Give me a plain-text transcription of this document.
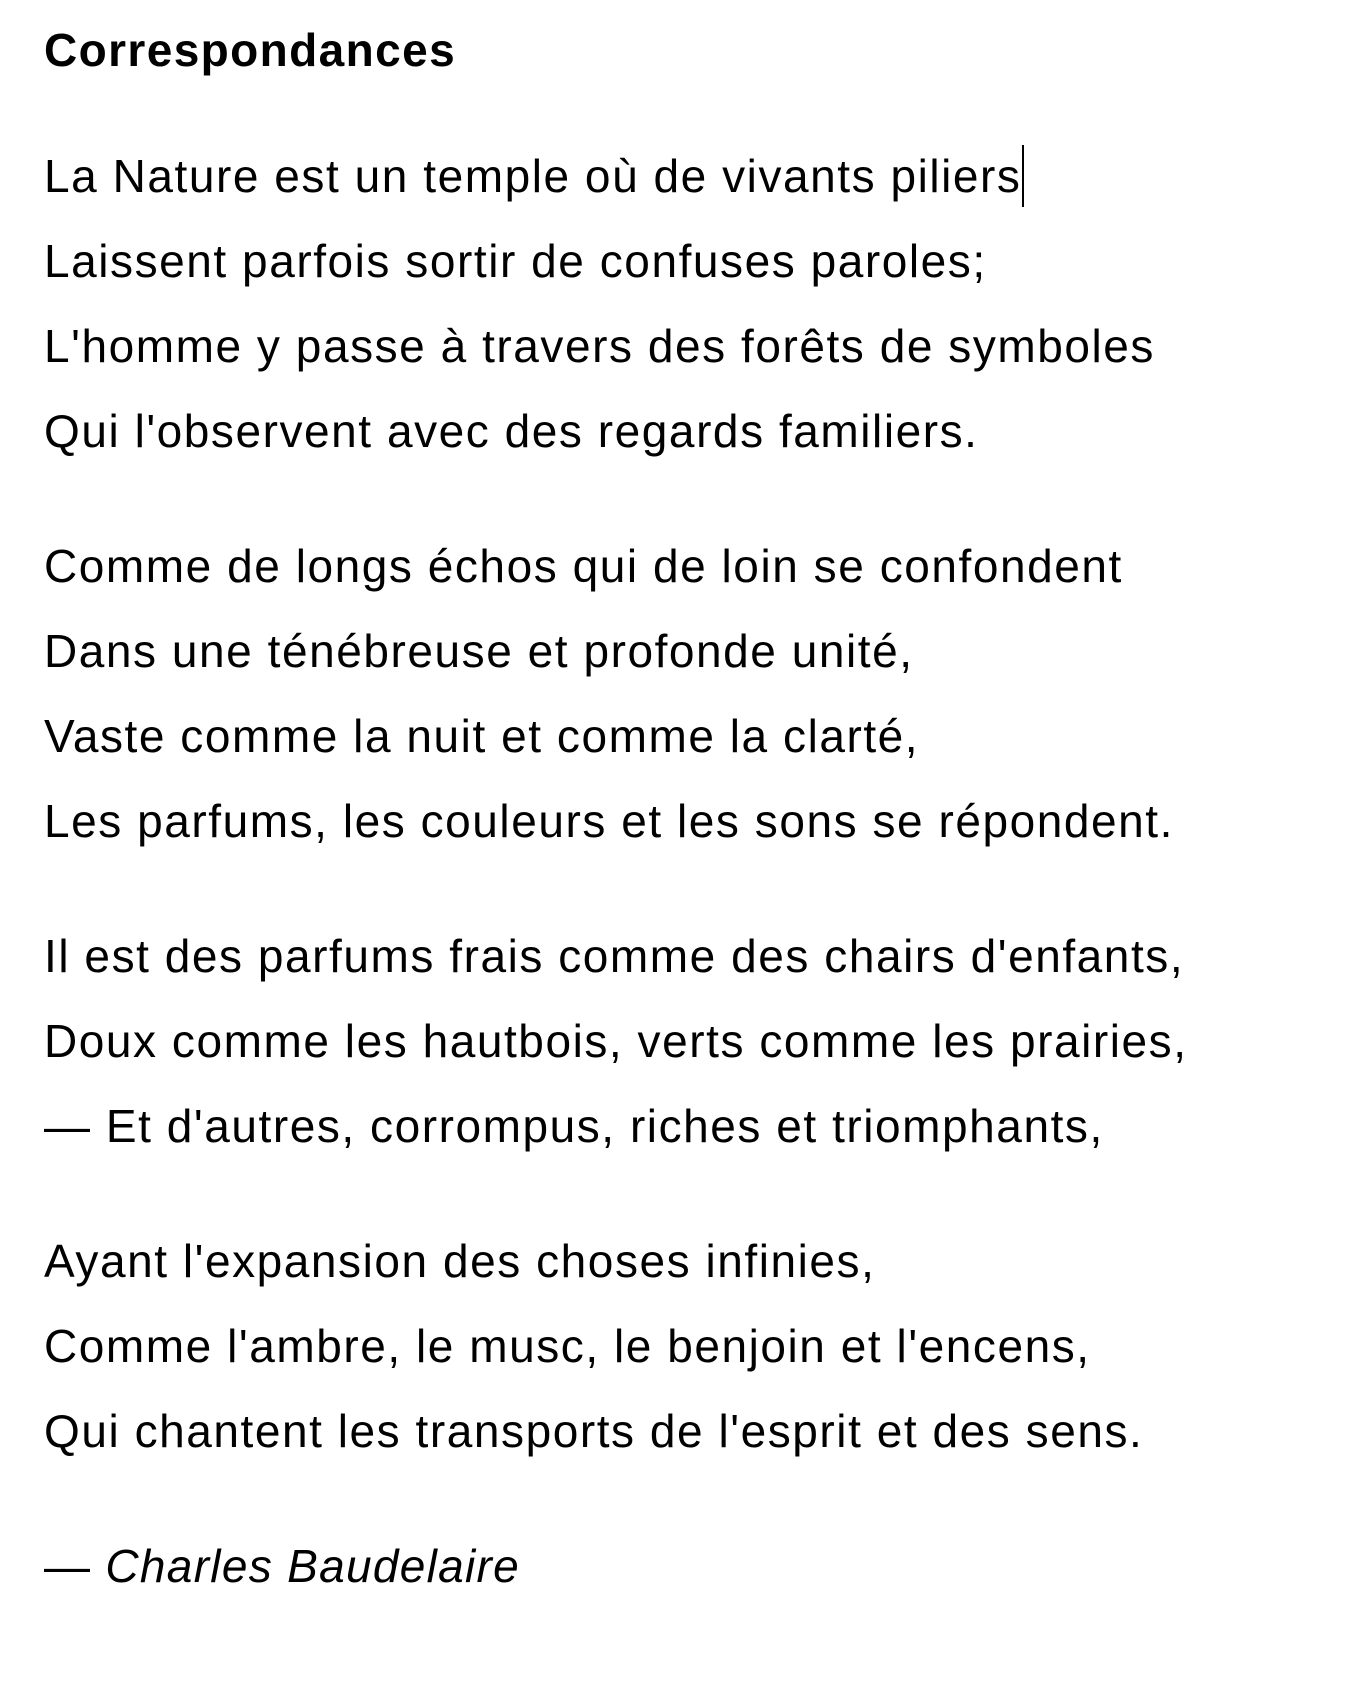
Correspondances
La Nature est un temple où de vivants piliers
Laissent parfois sortir de confuses paroles;
L'homme y passe à travers des forêts de symboles
Qui l'observent avec des regards familiers.
Comme de longs échos qui de loin se confondent
Dans une ténébreuse et profonde unité,
Vaste comme la nuit et comme la clarté,
Les parfums, les couleurs et les sons se répondent.
Il est des parfums frais comme des chairs d'enfants,
Doux comme les hautbois, verts comme les prairies,
— Et d'autres, corrompus, riches et triomphants,
Ayant l'expansion des choses infinies,
Comme l'ambre, le musc, le benjoin et l'encens,
Qui chantent les transports de l'esprit et des sens.
— Charles Baudelaire
